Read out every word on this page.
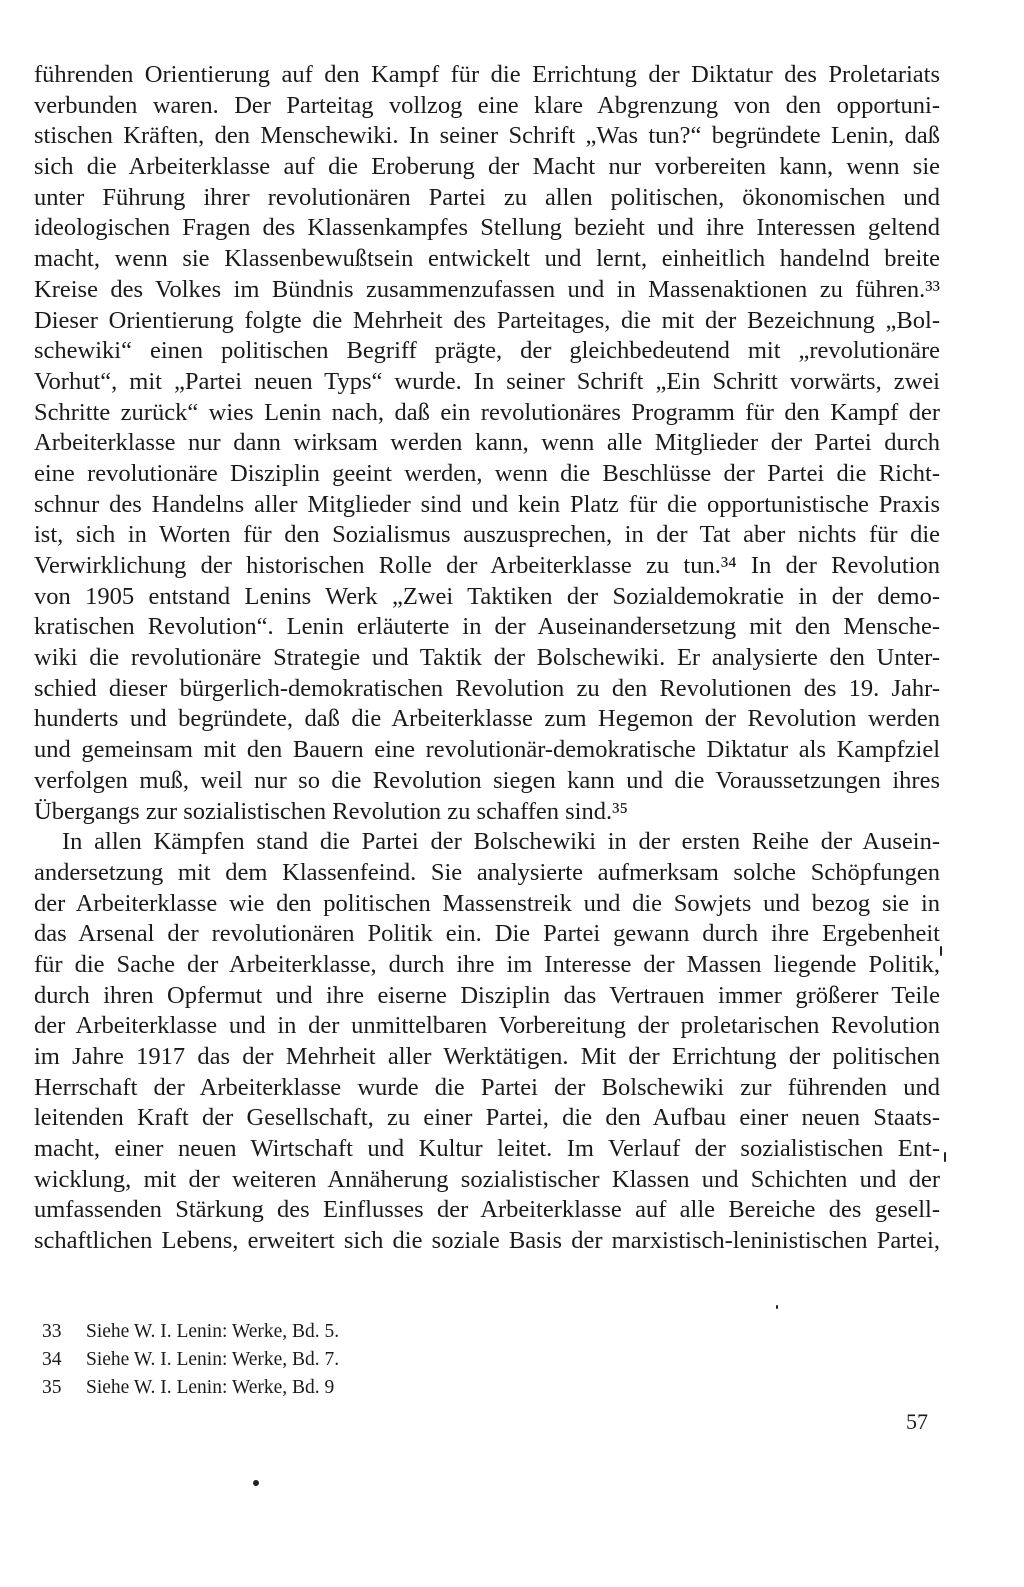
führenden Orientierung auf den Kampf für die Errichtung der Diktatur des Proletariats
verbunden waren. Der Parteitag vollzog eine klare Abgrenzung von den opportuni-
stischen Kräften, den Menschewiki. In seiner Schrift „Was tun?“ begründete Lenin, daß
sich die Arbeiterklasse auf die Eroberung der Macht nur vorbereiten kann, wenn sie
unter Führung ihrer revolutionären Partei zu allen politischen, ökonomischen und
ideologischen Fragen des Klassenkampfes Stellung bezieht und ihre Interessen geltend
macht, wenn sie Klassenbewußtsein entwickelt und lernt, einheitlich handelnd breite
Kreise des Volkes im Bündnis zusammenzufassen und in Massenaktionen zu führen.³³
Dieser Orientierung folgte die Mehrheit des Parteitages, die mit der Bezeichnung „Bol-
schewiki“ einen politischen Begriff prägte, der gleichbedeutend mit „revolutionäre
Vorhut“, mit „Partei neuen Typs“ wurde. In seiner Schrift „Ein Schritt vorwärts, zwei
Schritte zurück“ wies Lenin nach, daß ein revolutionäres Programm für den Kampf der
Arbeiterklasse nur dann wirksam werden kann, wenn alle Mitglieder der Partei durch
eine revolutionäre Disziplin geeint werden, wenn die Beschlüsse der Partei die Richt-
schnur des Handelns aller Mitglieder sind und kein Platz für die opportunistische Praxis
ist, sich in Worten für den Sozialismus auszusprechen, in der Tat aber nichts für die
Verwirklichung der historischen Rolle der Arbeiterklasse zu tun.³⁴ In der Revolution
von 1905 entstand Lenins Werk „Zwei Taktiken der Sozialdemokratie in der demo-
kratischen Revolution“. Lenin erläuterte in der Auseinandersetzung mit den Mensche-
wiki die revolutionäre Strategie und Taktik der Bolschewiki. Er analysierte den Unter-
schied dieser bürgerlich-demokratischen Revolution zu den Revolutionen des 19. Jahr-
hunderts und begründete, daß die Arbeiterklasse zum Hegemon der Revolution werden
und gemeinsam mit den Bauern eine revolutionär-demokratische Diktatur als Kampfziel
verfolgen muß, weil nur so die Revolution siegen kann und die Voraussetzungen ihres
Übergangs zur sozialistischen Revolution zu schaffen sind.³⁵
In allen Kämpfen stand die Partei der Bolschewiki in der ersten Reihe der Ausein-
andersetzung mit dem Klassenfeind. Sie analysierte aufmerksam solche Schöpfungen
der Arbeiterklasse wie den politischen Massenstreik und die Sowjets und bezog sie in
das Arsenal der revolutionären Politik ein. Die Partei gewann durch ihre Ergebenheit
für die Sache der Arbeiterklasse, durch ihre im Interesse der Massen liegende Politik,
durch ihren Opfermut und ihre eiserne Disziplin das Vertrauen immer größerer Teile
der Arbeiterklasse und in der unmittelbaren Vorbereitung der proletarischen Revolution
im Jahre 1917 das der Mehrheit aller Werktätigen. Mit der Errichtung der politischen
Herrschaft der Arbeiterklasse wurde die Partei der Bolschewiki zur führenden und
leitenden Kraft der Gesellschaft, zu einer Partei, die den Aufbau einer neuen Staats-
macht, einer neuen Wirtschaft und Kultur leitet. Im Verlauf der sozialistischen Ent-
wicklung, mit der weiteren Annäherung sozialistischer Klassen und Schichten und der
umfassenden Stärkung des Einflusses der Arbeiterklasse auf alle Bereiche des gesell-
schaftlichen Lebens, erweitert sich die soziale Basis der marxistisch-leninistischen Partei,
33 Siehe W. I. Lenin: Werke, Bd. 5.
34 Siehe W. I. Lenin: Werke, Bd. 7.
35 Siehe W. I. Lenin: Werke, Bd. 9
57
